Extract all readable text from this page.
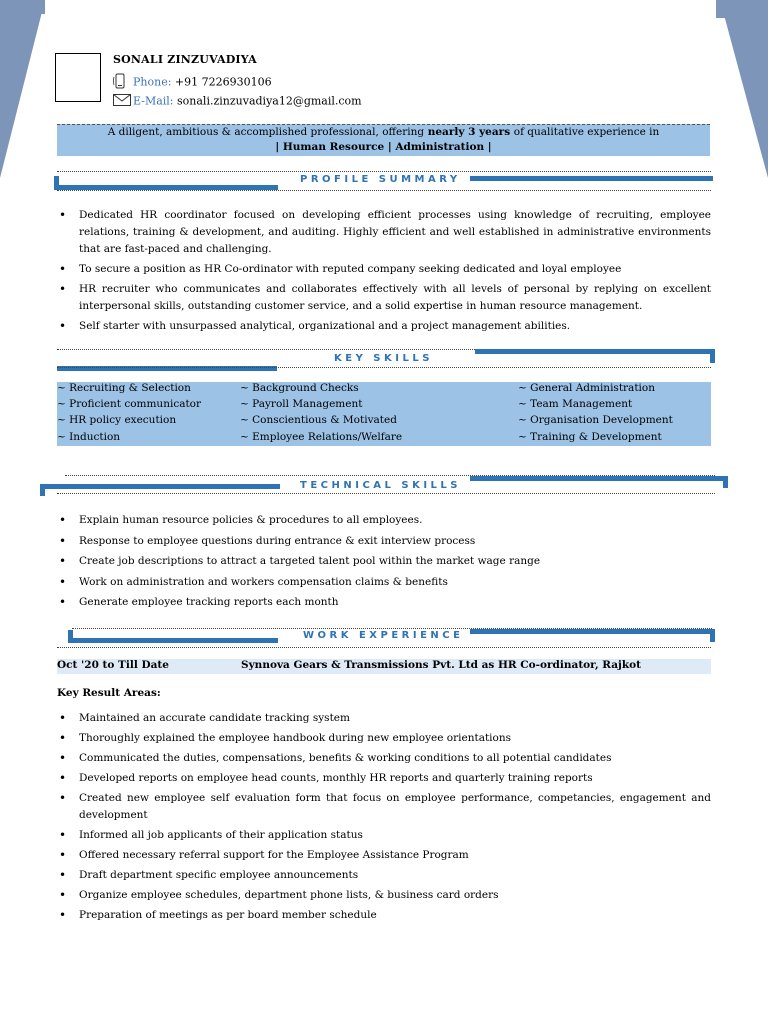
SONALI ZINZUVADIYA
Phone: +91 7226930106
E-Mail: sonali.zinzuvadiya12@gmail.com
A diligent, ambitious & accomplished professional, offering nearly 3 years of qualitative experience in
| Human Resource | Administration |
PROFILE SUMMARY
• Dedicated HR coordinator focused on developing efficient processes using knowledge of recruiting, employee relations, training & development, and auditing. Highly efficient and well established in administrative environments that are fast-paced and challenging.
• To secure a position as HR Co-ordinator with reputed company seeking dedicated and loyal employee
• HR recruiter who communicates and collaborates effectively with all levels of personal by replying on excellent interpersonal skills, outstanding customer service, and a solid expertise in human resource management.
• Self starter with unsurpassed analytical, organizational and a project management abilities.
KEY SKILLS
~ Recruiting & Selection
~ Proficient communicator
~ HR policy execution
~ Induction
~ Background Checks
~ Payroll Management
~ Conscientious & Motivated
~ Employee Relations/Welfare
~ General Administration
~ Team Management
~ Organisation Development
~ Training & Development
TECHNICAL SKILLS
• Explain human resource policies & procedures to all employees.
• Response to employee questions during entrance & exit interview process
• Create job descriptions to attract a targeted talent pool within the market wage range
• Work on administration and workers compensation claims & benefits
• Generate employee tracking reports each month
WORK EXPERIENCE
Oct '20 to Till Date	Synnova Gears & Transmissions Pvt. Ltd as HR Co-ordinator, Rajkot
Key Result Areas:
• Maintained an accurate candidate tracking system
• Thoroughly explained the employee handbook during new employee orientations
• Communicated the duties, compensations, benefits & working conditions to all potential candidates
• Developed reports on employee head counts, monthly HR reports and quarterly training reports
• Created new employee self evaluation form that focus on employee performance, competancies, engagement and development
• Informed all job applicants of their application status
• Offered necessary referral support for the Employee Assistance Program
• Draft department specific employee announcements
• Organize employee schedules, department phone lists, & business card orders
• Preparation of meetings as per board member schedule
